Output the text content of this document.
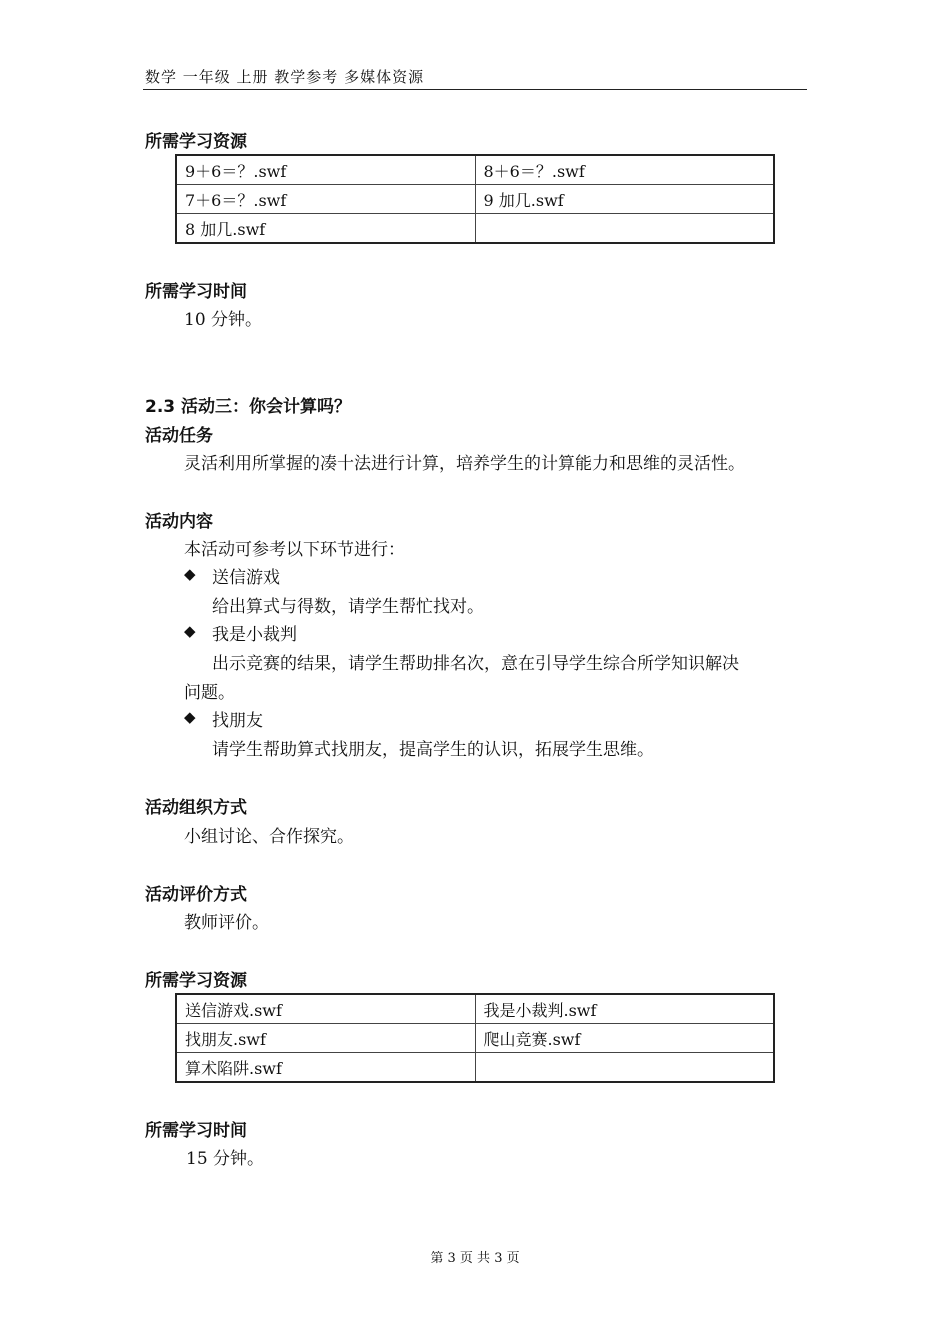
数学 一年级 上册 教学参考 多媒体资源
所需学习资源
9＋6＝？.swf	8＋6＝？.swf
7＋6＝？.swf	9 加几.swf
8 加几.swf	
所需学习时间
10 分钟。
2.3 活动三：你会计算吗？
活动任务
灵活利用所掌握的凑十法进行计算，培养学生的计算能力和思维的灵活性。
活动内容
本活动可参考以下环节进行：
◆ 送信游戏
给出算式与得数，请学生帮忙找对。
◆ 我是小裁判
出示竞赛的结果，请学生帮助排名次，意在引导学生综合所学知识解决
问题。
◆ 找朋友
请学生帮助算式找朋友，提高学生的认识，拓展学生思维。
活动组织方式
小组讨论、合作探究。
活动评价方式
教师评价。
所需学习资源
送信游戏.swf	我是小裁判.swf
找朋友.swf	爬山竞赛.swf
算术陷阱.swf	
所需学习时间
15 分钟。
第 3 页 共 3 页
